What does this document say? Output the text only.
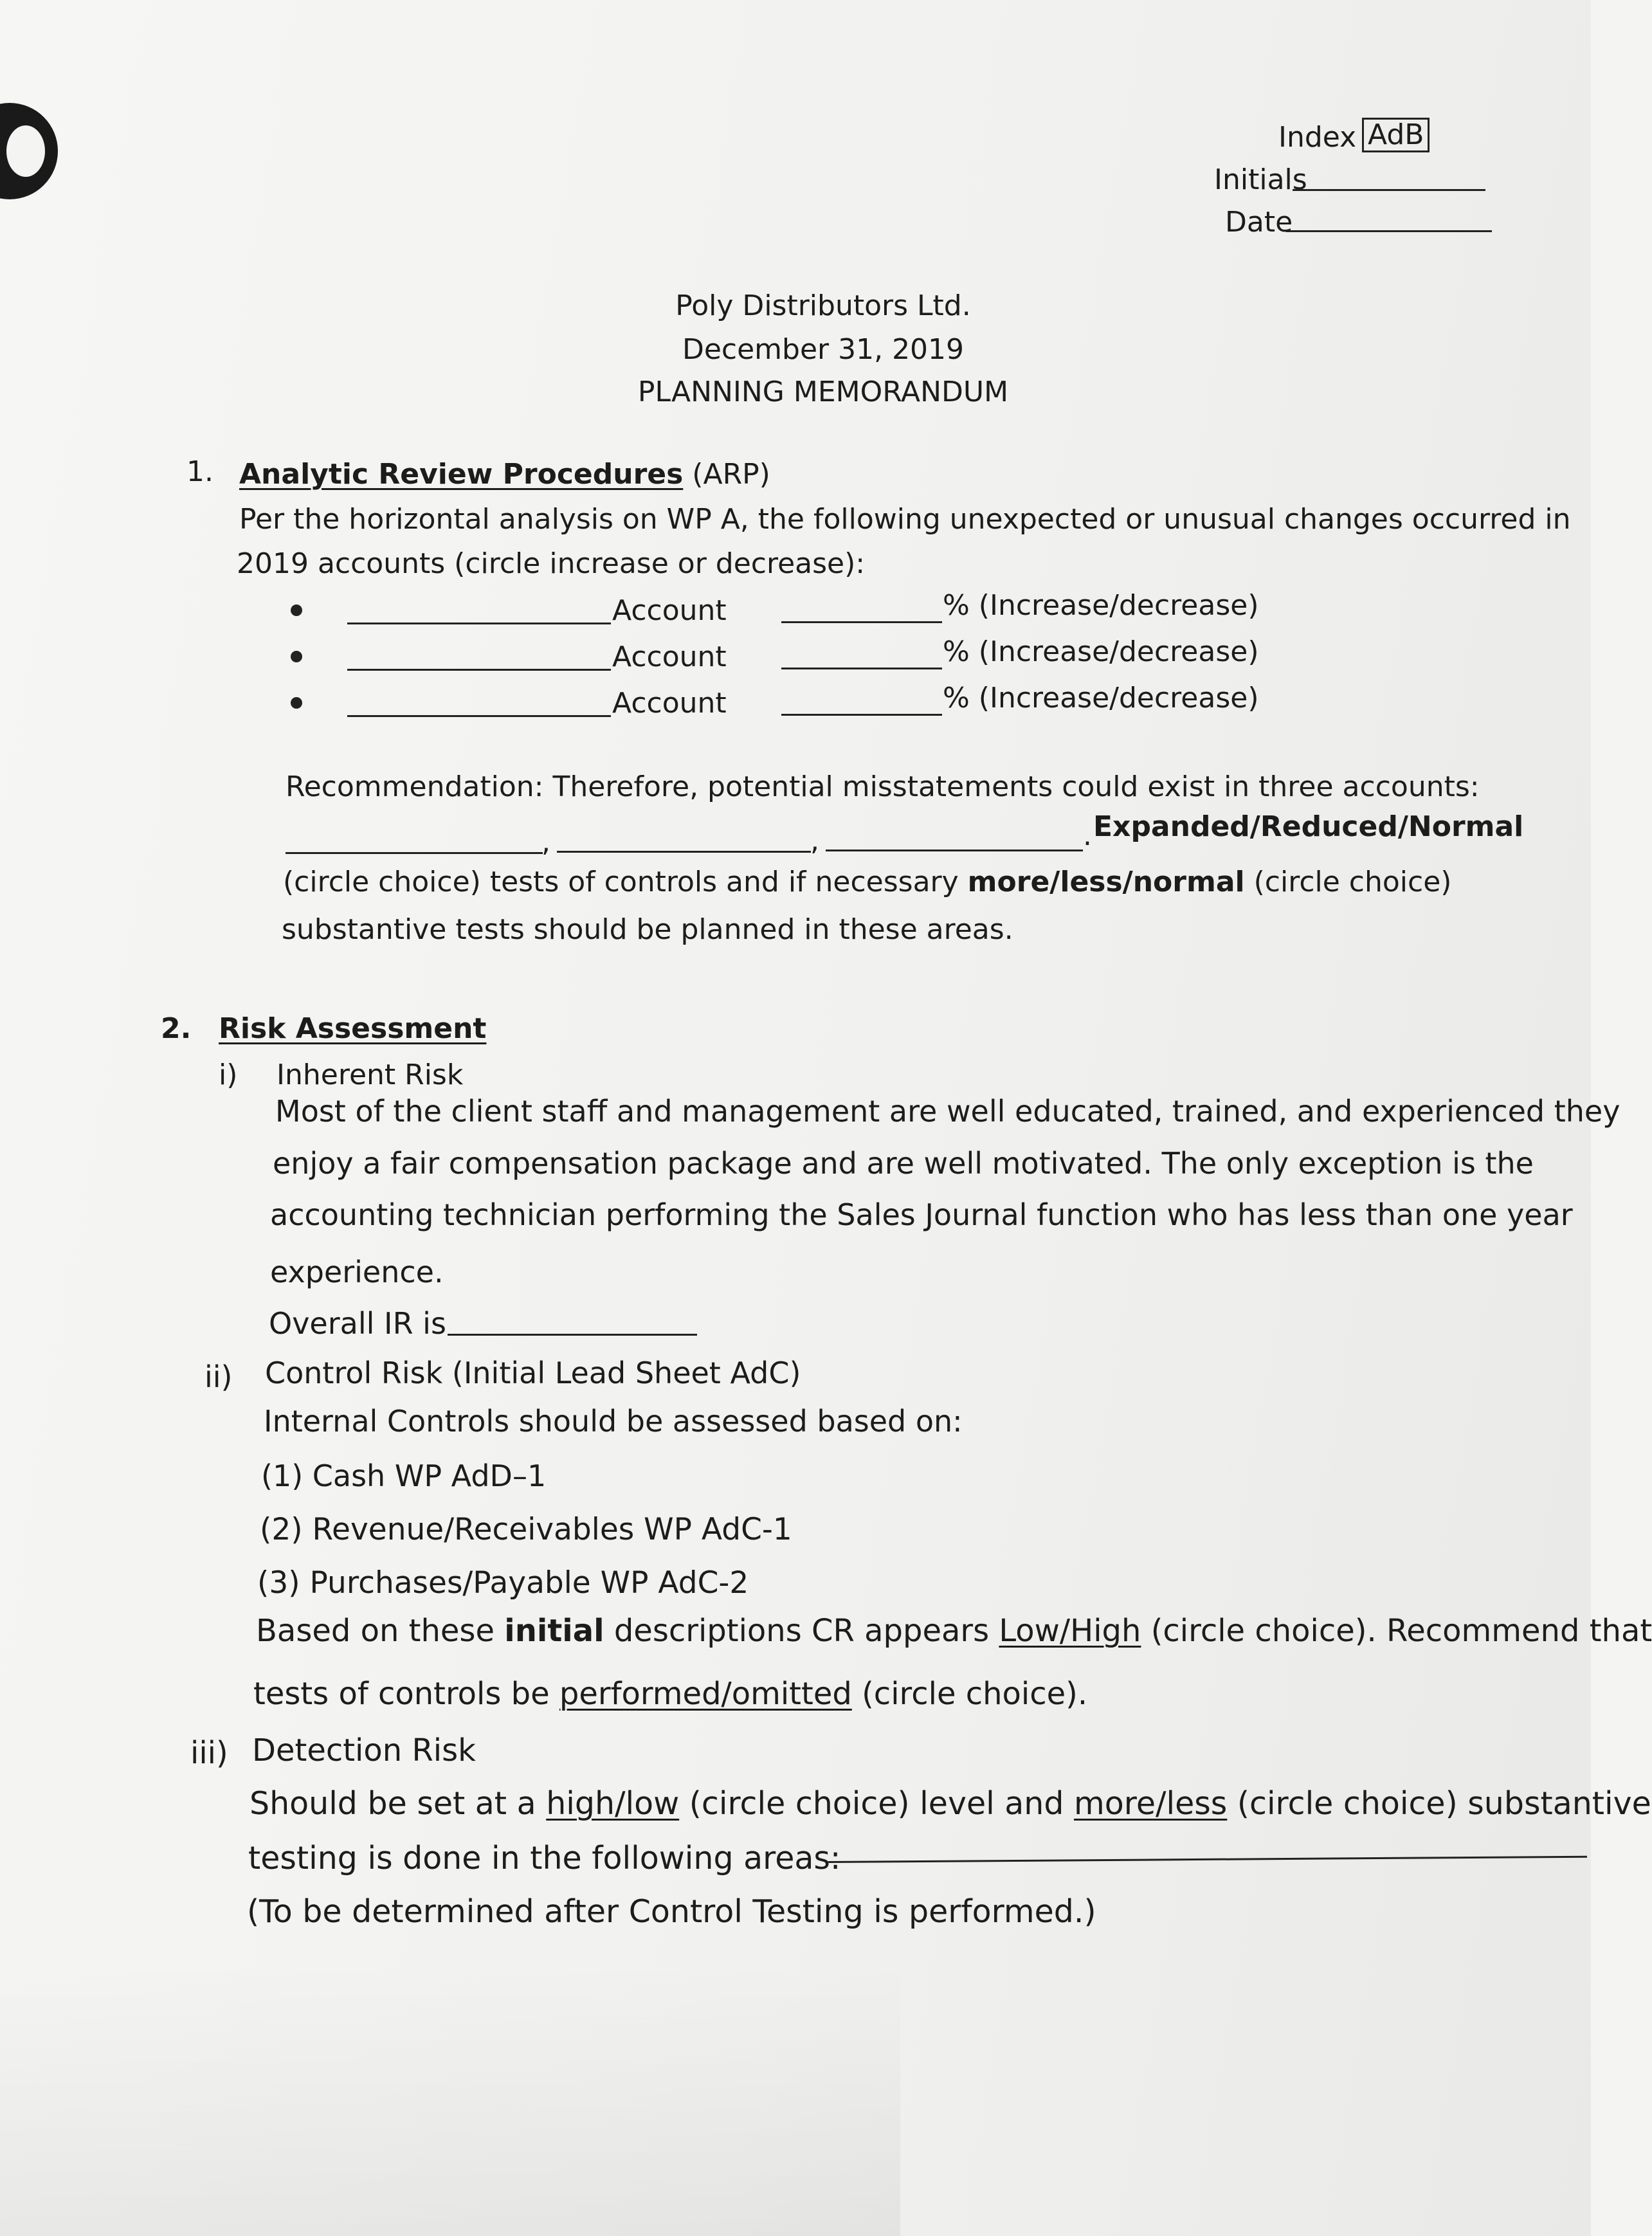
Index AdB
Initials
Date
Poly Distributors Ltd.
December 31, 2019
PLANNING MEMORANDUM
1. Analytic Review Procedures (ARP)
Per the horizontal analysis on WP A, the following unexpected or unusual changes occurred in
2019 accounts (circle increase or decrease):
Account	% (Increase/decrease)
Account	% (Increase/decrease)
Account	% (Increase/decrease)
Recommendation: Therefore, potential misstatements could exist in three accounts:
,	,	. Expanded/Reduced/Normal
(circle choice) tests of controls and if necessary more/less/normal (circle choice)
substantive tests should be planned in these areas.
2. Risk Assessment
i) Inherent Risk
Most of the client staff and management are well educated, trained, and experienced they
enjoy a fair compensation package and are well motivated. The only exception is the
accounting technician performing the Sales Journal function who has less than one year
experience.
Overall IR is
ii) Control Risk (Initial Lead Sheet AdC)
Internal Controls should be assessed based on:
(1) Cash WP AdD–1
(2) Revenue/Receivables WP AdC-1
(3) Purchases/Payable WP AdC-2
Based on these initial descriptions CR appears Low/High (circle choice). Recommend that
tests of controls be performed/omitted (circle choice).
iii) Detection Risk
Should be set at a high/low (circle choice) level and more/less (circle choice) substantive
testing is done in the following areas:
(To be determined after Control Testing is performed.)
